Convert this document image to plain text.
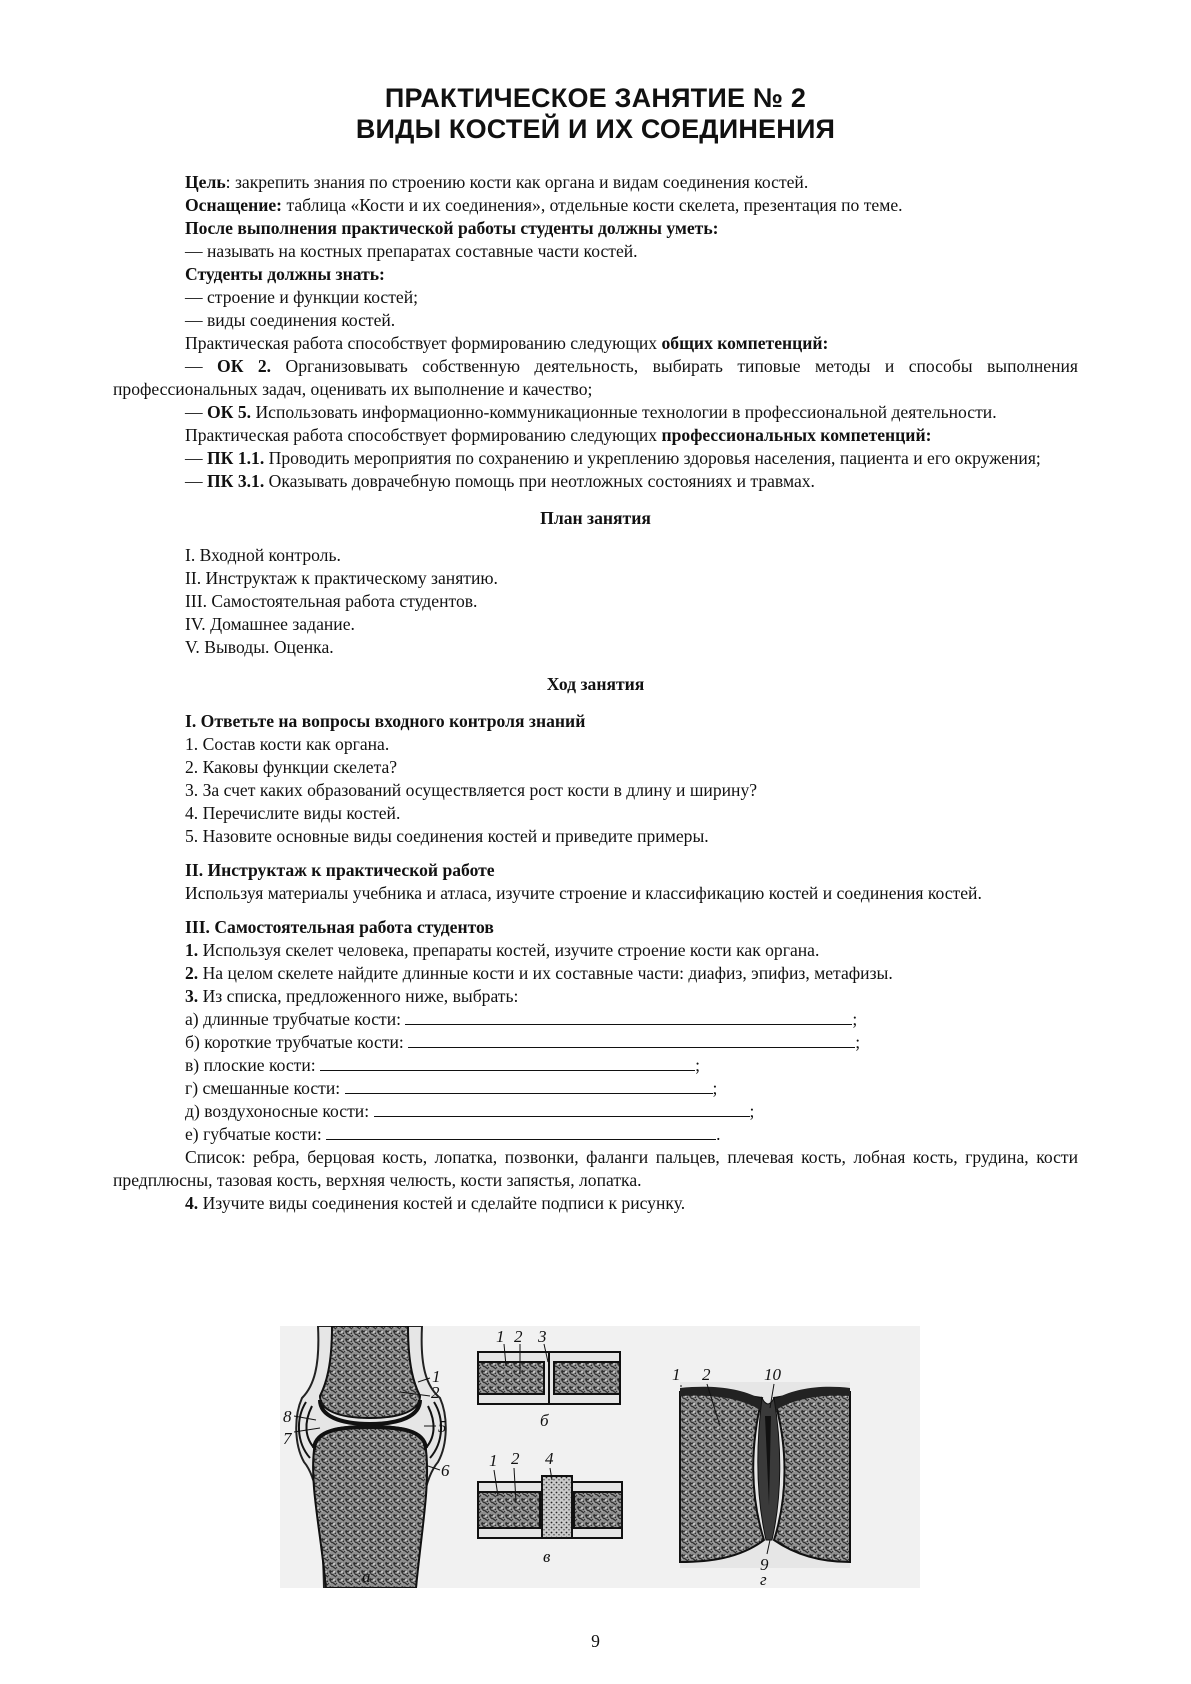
ПРАКТИЧЕСКОЕ ЗАНЯТИЕ № 2
ВИДЫ КОСТЕЙ И ИХ СОЕДИНЕНИЯ

Цель: закрепить знания по строению кости как органа и видам соединения костей.

Оснащение: таблица «Кости и их соединения», отдельные кости скелета, презентация по теме.

После выполнения практической работы студенты должны уметь:

— называть на костных препаратах составные части костей.

Студенты должны знать:

— строение и функции костей;

— виды соединения костей.

Практическая работа способствует формированию следующих общих компетенций:

— ОК 2. Организовывать собственную деятельность, выбирать типовые методы и способы выполнения профессиональных задач, оценивать их выполнение и качество;

— ОК 5. Использовать информационно-коммуникационные технологии в профессиональной деятельности.

Практическая работа способствует формированию следующих профессиональных компетенций:

— ПК 1.1. Проводить мероприятия по сохранению и укреплению здоровья населения, пациента и его окружения;

— ПК 3.1. Оказывать доврачебную помощь при неотложных состояниях и травмах.

План занятия

I. Входной контроль.

II. Инструктаж к практическому занятию.

III. Самостоятельная работа студентов.

IV. Домашнее задание.

V. Выводы. Оценка.

Ход занятия

I. Ответьте на вопросы входного контроля знаний

1. Состав кости как органа.

2. Каковы функции скелета?

3. За счет каких образований осуществляется рост кости в длину и ширину?

4. Перечислите виды костей.

5. Назовите основные виды соединения костей и приведите примеры.

II. Инструктаж к практической работе

Используя материалы учебника и атласа, изучите строение и классификацию костей и соединения костей.

III. Самостоятельная работа студентов

1. Используя скелет человека, препараты костей, изучите строение кости как органа.

2. На целом скелете найдите длинные кости и их составные части: диафиз, эпифиз, метафизы.

3. Из списка, предложенного ниже, выбрать:

а) длинные трубчатые кости:	;

б) короткие трубчатые кости:	;

в) плоские кости:	;

г) смешанные кости:	;

д) воздухоносные кости:	;

е) губчатые кости:	.

Список: ребра, берцовая кость, лопатка, позвонки, фаланги пальцев, плечевая кость, лобная кость, грудина, кости предплюсны, тазовая кость, верхняя челюсть, кости запястья, лопатка.

4. Изучите виды соединения костей и сделайте подписи к рисунку.

1
2
5
6
7
8
а
1 2 3
б
1 2 4
в
1 2	10
9
г
9
